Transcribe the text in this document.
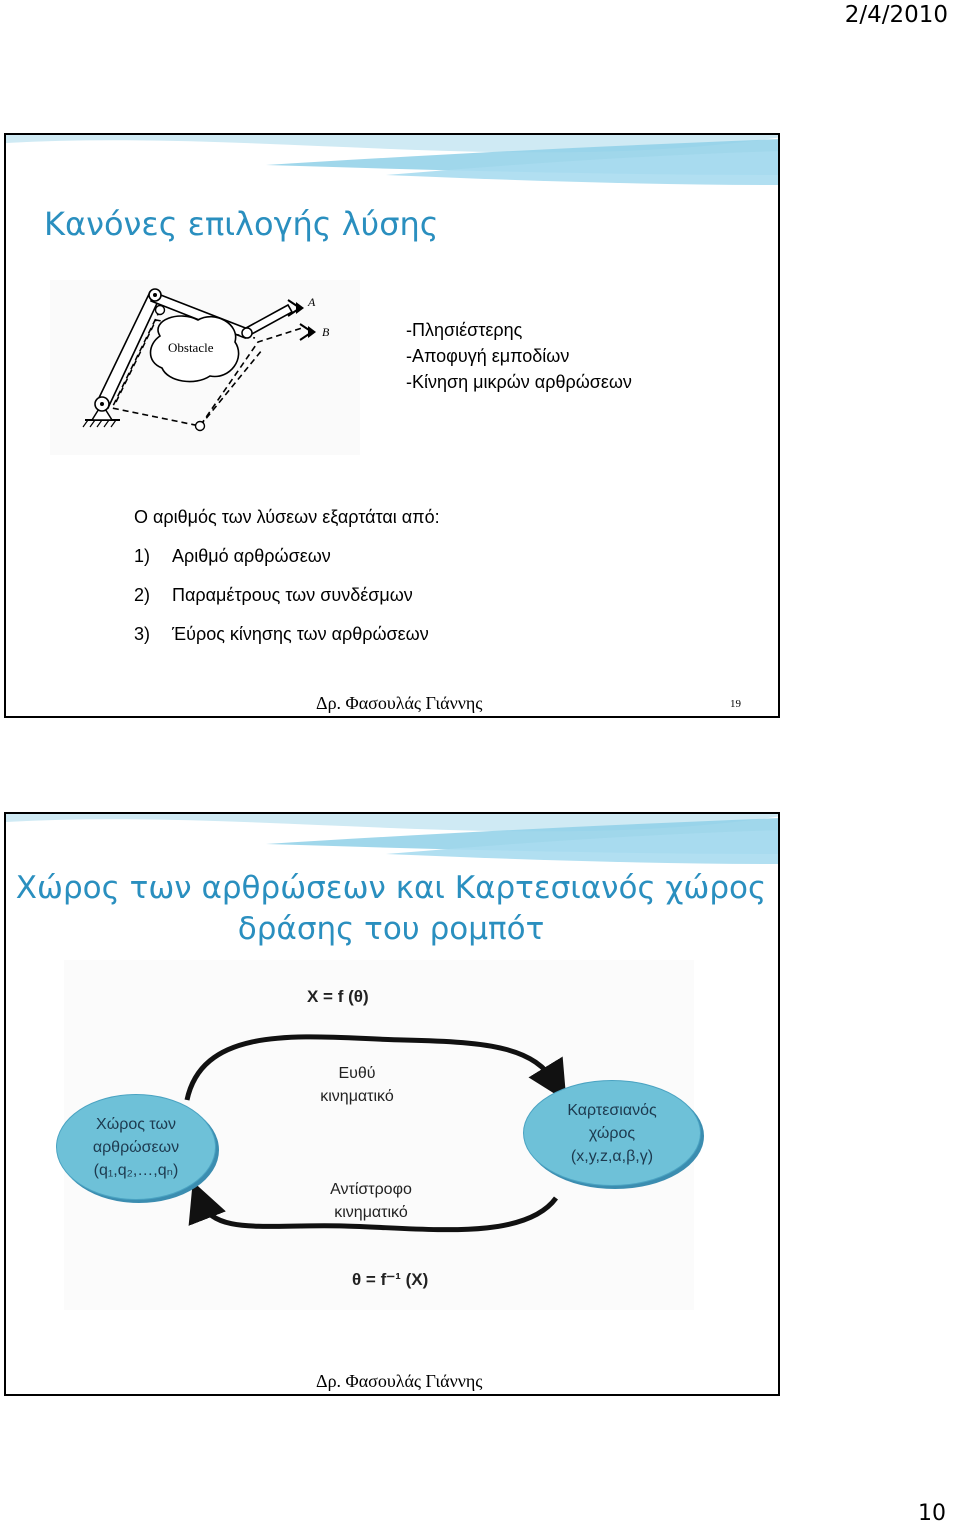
2/4/2010
Κανόνες επιλογής λύσης
Obstacle
A
B	-Πλησιέστερης
-Αποφυγή εμποδίων
-Κίνηση μικρών αρθρώσεων
Ο αριθμός των λύσεων εξαρτάται από:
1) Αριθμό αρθρώσεων
2) Παραμέτρους των συνδέσμων
3) Έύρος κίνησης των αρθρώσεων
Δρ. Φασουλάς Γιάννης	19
Χώρος των αρθρώσεων και Καρτεσιανός χώρος
δράσης του ρομπότ
X = f (θ)
θ = f⁻¹ (X)
Χώρος των
αρθρώσεων
(q₁,q₂,…,qₙ)
Καρτεσιανός
χώρος
(x,y,z,α,β,γ)
Ευθύ
κινηματικό
Αντίστροφο
κινηματικό
Δρ. Φασουλάς Γιάννης
10
